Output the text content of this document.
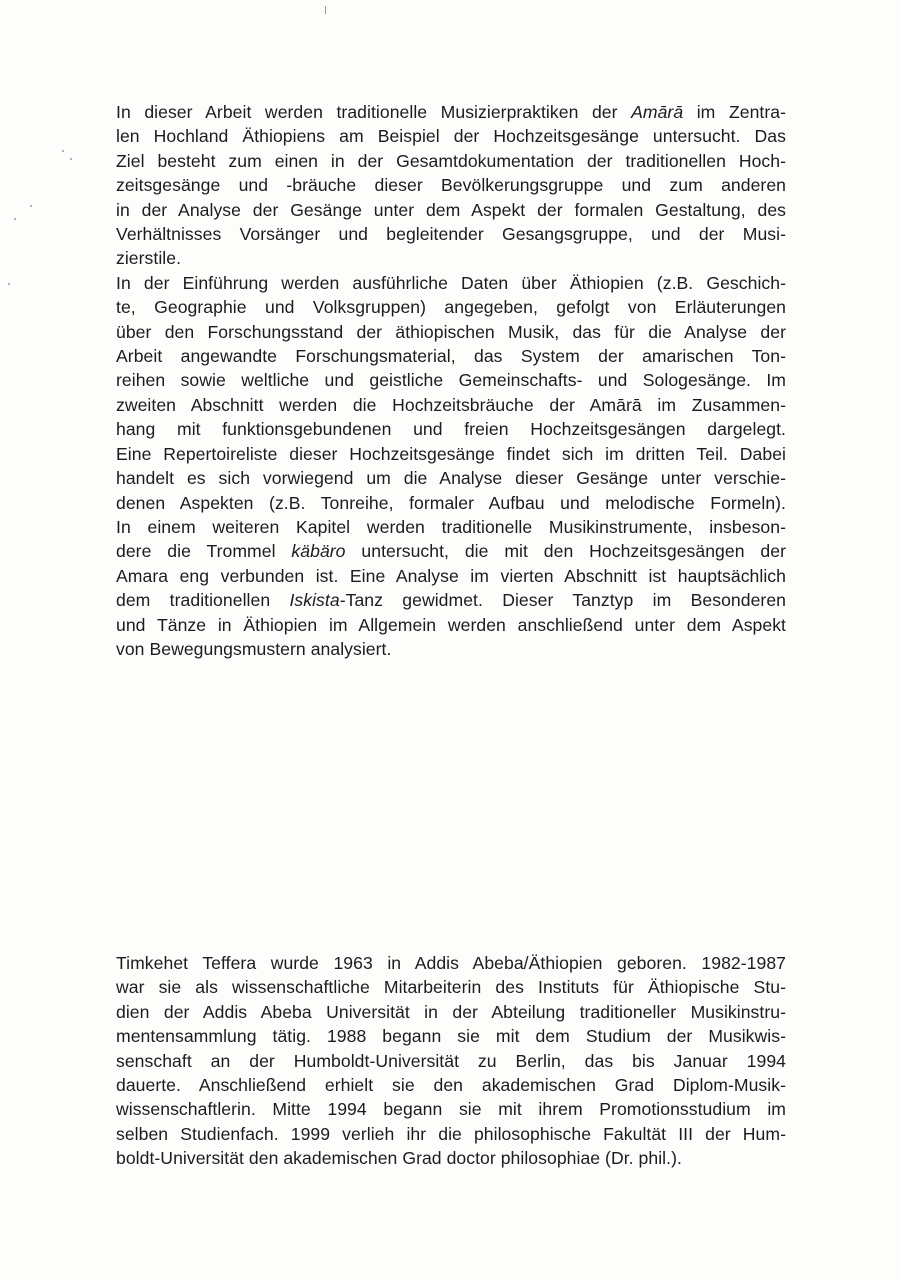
In dieser Arbeit werden traditionelle Musizierpraktiken der Amārā im Zentra-
len Hochland Äthiopiens am Beispiel der Hochzeitsgesänge untersucht. Das
Ziel besteht zum einen in der Gesamtdokumentation der traditionellen Hoch-
zeitsgesänge und -bräuche dieser Bevölkerungsgruppe und zum anderen
in der Analyse der Gesänge unter dem Aspekt der formalen Gestaltung, des
Verhältnisses Vorsänger und begleitender Gesangsgruppe, und der Musi-
zierstile.
In der Einführung werden ausführliche Daten über Äthiopien (z.B. Geschich-
te, Geographie und Volksgruppen) angegeben, gefolgt von Erläuterungen
über den Forschungsstand der äthiopischen Musik, das für die Analyse der
Arbeit angewandte Forschungsmaterial, das System der amarischen Ton-
reihen sowie weltliche und geistliche Gemeinschafts- und Sologesänge. Im
zweiten Abschnitt werden die Hochzeitsbräuche der Amārā im Zusammen-
hang mit funktionsgebundenen und freien Hochzeitsgesängen dargelegt.
Eine Repertoireliste dieser Hochzeitsgesänge findet sich im dritten Teil. Dabei
handelt es sich vorwiegend um die Analyse dieser Gesänge unter verschie-
denen Aspekten (z.B. Tonreihe, formaler Aufbau und melodische Formeln).
In einem weiteren Kapitel werden traditionelle Musikinstrumente, insbeson-
dere die Trommel käbäro untersucht, die mit den Hochzeitsgesängen der
Amara eng verbunden ist. Eine Analyse im vierten Abschnitt ist hauptsächlich
dem traditionellen Iskista-Tanz gewidmet. Dieser Tanztyp im Besonderen
und Tänze in Äthiopien im Allgemein werden anschließend unter dem Aspekt
von Bewegungsmustern analysiert.
Timkehet Teffera wurde 1963 in Addis Abeba/Äthiopien geboren. 1982-1987
war sie als wissenschaftliche Mitarbeiterin des Instituts für Äthiopische Stu-
dien der Addis Abeba Universität in der Abteilung traditioneller Musikinstru-
mentensammlung tätig. 1988 begann sie mit dem Studium der Musikwis-
senschaft an der Humboldt-Universität zu Berlin, das bis Januar 1994
dauerte. Anschließend erhielt sie den akademischen Grad Diplom-Musik-
wissenschaftlerin. Mitte 1994 begann sie mit ihrem Promotionsstudium im
selben Studienfach. 1999 verlieh ihr die philosophische Fakultät III der Hum-
boldt-Universität den akademischen Grad doctor philosophiae (Dr. phil.).
